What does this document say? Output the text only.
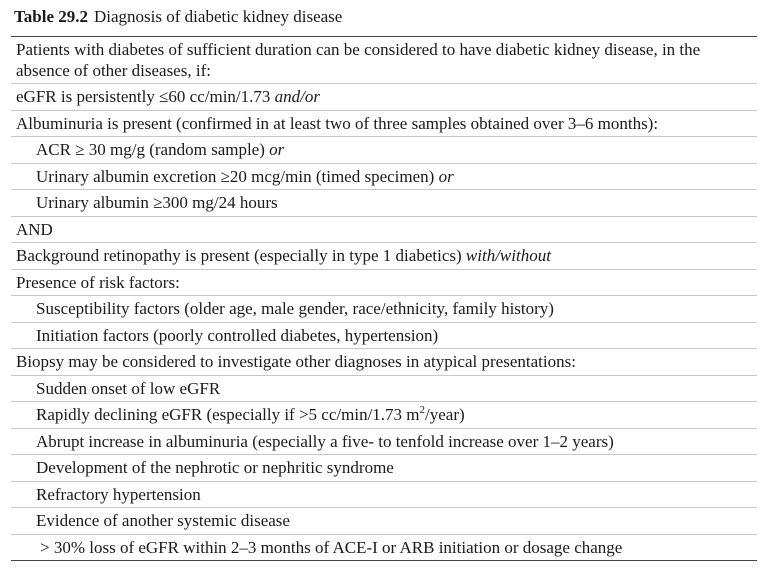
Table 29.2 Diagnosis of diabetic kidney disease
Patients with diabetes of sufficient duration can be considered to have diabetic kidney disease, in the absence of other diseases, if:
eGFR is persistently ≤60 cc/min/1.73 and/or
Albuminuria is present (confirmed in at least two of three samples obtained over 3–6 months):
ACR ≥ 30 mg/g (random sample) or
Urinary albumin excretion ≥20 mcg/min (timed specimen) or
Urinary albumin ≥300 mg/24 hours
AND
Background retinopathy is present (especially in type 1 diabetics) with/without
Presence of risk factors:
Susceptibility factors (older age, male gender, race/ethnicity, family history)
Initiation factors (poorly controlled diabetes, hypertension)
Biopsy may be considered to investigate other diagnoses in atypical presentations:
Sudden onset of low eGFR
Rapidly declining eGFR (especially if >5 cc/min/1.73 $m^2/year$)
Abrupt increase in albuminuria (especially a five- to tenfold increase over 1–2 years)
Development of the nephrotic or nephritic syndrome
Refractory hypertension
Evidence of another systemic disease
> 30% loss of eGFR within 2–3 months of ACE-I or ARB initiation or dosage change
